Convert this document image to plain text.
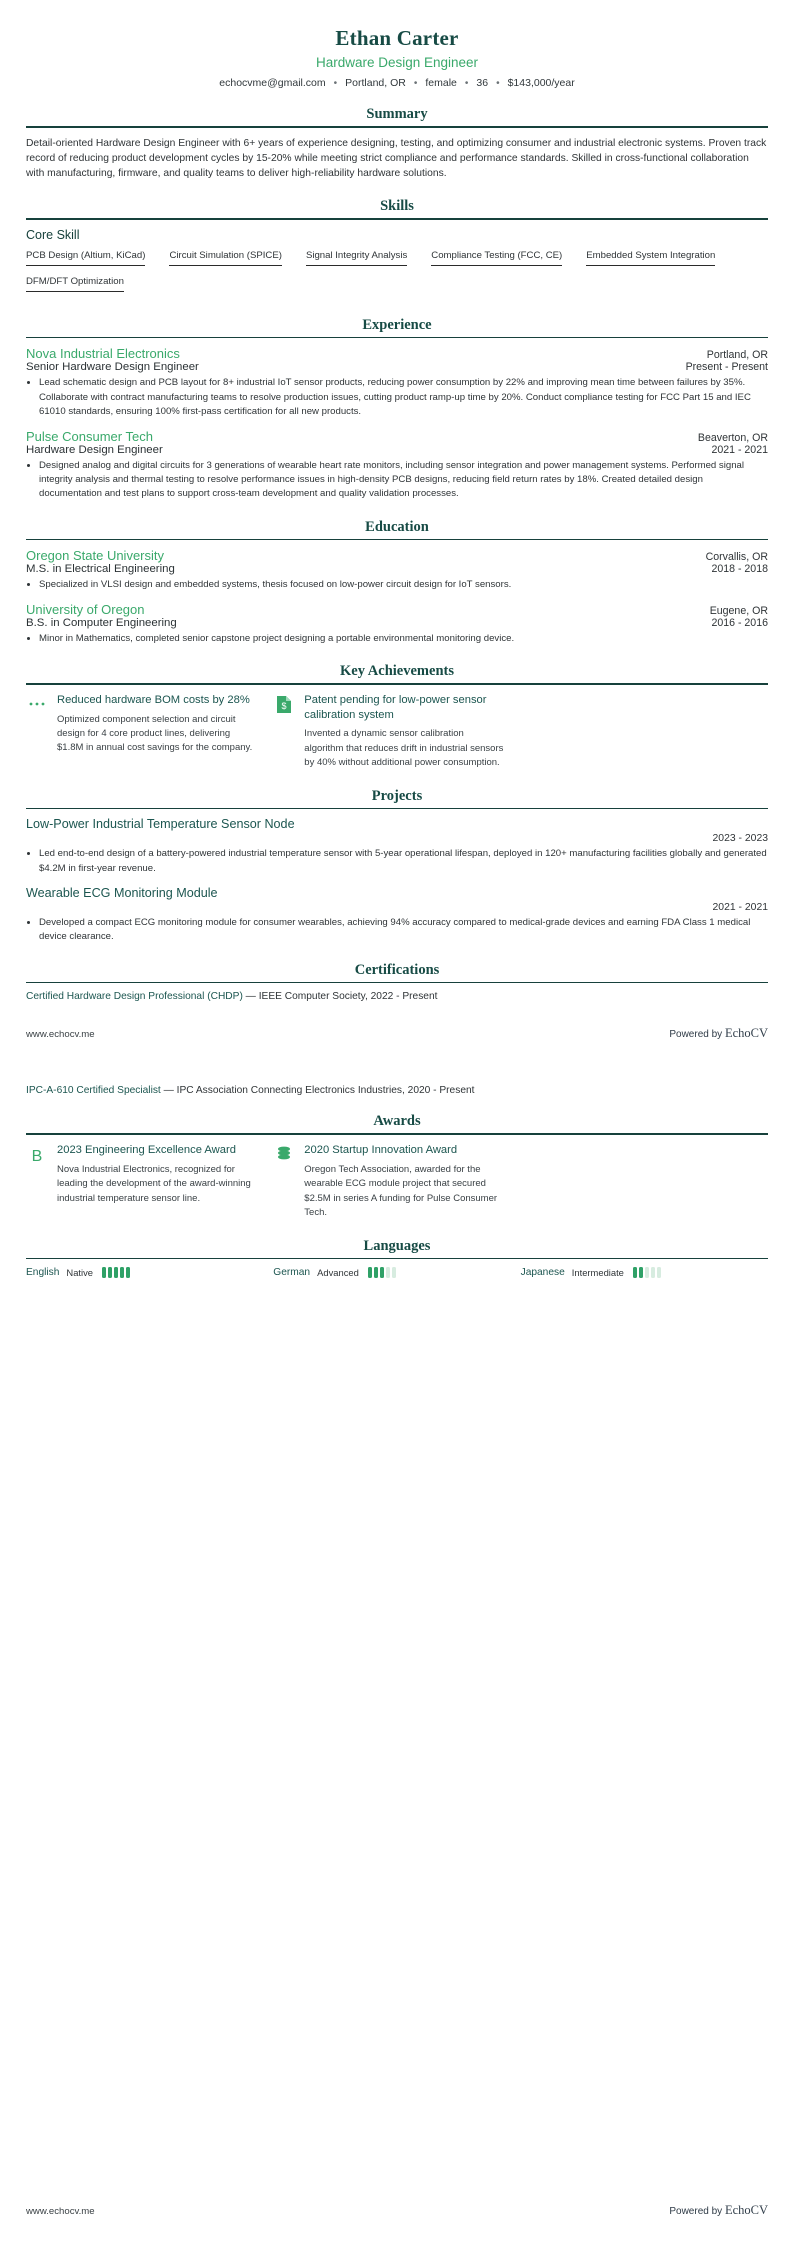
Ethan Carter
Hardware Design Engineer
echocvme@gmail.com • Portland, OR • female • 36 • $143,000/year
Summary
Detail-oriented Hardware Design Engineer with 6+ years of experience designing, testing, and optimizing consumer and industrial electronic systems. Proven track record of reducing product development cycles by 15-20% while meeting strict compliance and performance standards. Skilled in cross-functional collaboration with manufacturing, firmware, and quality teams to deliver high-reliability hardware solutions.
Skills
Core Skill
PCB Design (Altium, KiCad)	Circuit Simulation (SPICE)	Signal Integrity Analysis	Compliance Testing (FCC, CE)	Embedded System Integration
DFM/DFT Optimization
Experience
Nova Industrial Electronics	Portland, OR
Senior Hardware Design Engineer	Present - Present
• Lead schematic design and PCB layout for 8+ industrial IoT sensor products, reducing power consumption by 22% and improving mean time between failures by 35%. Collaborate with contract manufacturing teams to resolve production issues, cutting product ramp-up time by 20%. Conduct compliance testing for FCC Part 15 and IEC 61010 standards, ensuring 100% first-pass certification for all new products.
Pulse Consumer Tech	Beaverton, OR
Hardware Design Engineer	2021 - 2021
• Designed analog and digital circuits for 3 generations of wearable heart rate monitors, including sensor integration and power management systems. Performed signal integrity analysis and thermal testing to resolve performance issues in high-density PCB designs, reducing field return rates by 18%. Created detailed design documentation and test plans to support cross-team development and quality validation processes.
Education
Oregon State University	Corvallis, OR
M.S. in Electrical Engineering	2018 - 2018
• Specialized in VLSI design and embedded systems, thesis focused on low-power circuit design for IoT sensors.
University of Oregon	Eugene, OR
B.S. in Computer Engineering	2016 - 2016
• Minor in Mathematics, completed senior capstone project designing a portable environmental monitoring device.
Key Achievements
Reduced hardware BOM costs by 28%
Optimized component selection and circuit design for 4 core product lines, delivering $1.8M in annual cost savings for the company.
$ Patent pending for low-power sensor calibration system
Invented a dynamic sensor calibration algorithm that reduces drift in industrial sensors by 40% without additional power consumption.
Projects
Low-Power Industrial Temperature Sensor Node
2023 - 2023
• Led end-to-end design of a battery-powered industrial temperature sensor with 5-year operational lifespan, deployed in 120+ manufacturing facilities globally and generated $4.2M in first-year revenue.
Wearable ECG Monitoring Module
2021 - 2021
• Developed a compact ECG monitoring module for consumer wearables, achieving 94% accuracy compared to medical-grade devices and earning FDA Class 1 medical device clearance.
Certifications
Certified Hardware Design Professional (CHDP) — IEEE Computer Society, 2022 - Present
www.echocv.me	Powered by EchoCV
IPC-A-610 Certified Specialist — IPC Association Connecting Electronics Industries, 2020 - Present
Awards
B 2023 Engineering Excellence Award
Nova Industrial Electronics, recognized for leading the development of the award-winning industrial temperature sensor line.
2020 Startup Innovation Award
Oregon Tech Association, awarded for the wearable ECG module project that secured $2.5M in series A funding for Pulse Consumer Tech.
Languages
English Native	German Advanced	Japanese Intermediate
www.echocv.me	Powered by EchoCV
